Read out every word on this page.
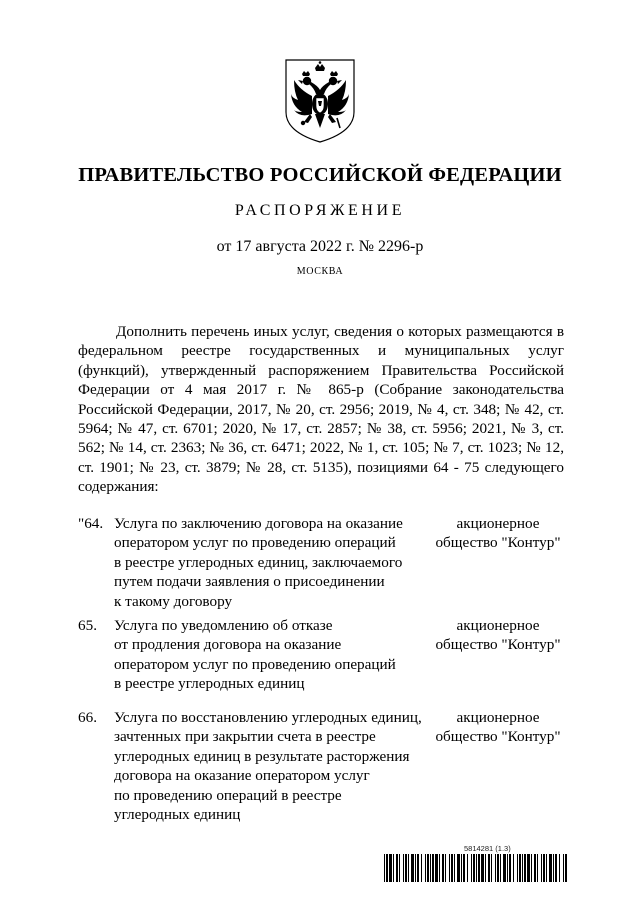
ПРАВИТЕЛЬСТВО РОССИЙСКОЙ ФЕДЕРАЦИИ
РАСПОРЯЖЕНИЕ
от 17 августа 2022 г. № 2296-р
МОСКВА

Дополнить перечень иных услуг, сведения о которых размещаются в федеральном реестре государственных и муниципальных услуг (функций), утвержденный распоряжением Правительства Российской Федерации от 4 мая 2017 г. № 865-р (Собрание законодательства Российской Федерации, 2017, № 20, ст. 2956; 2019, № 4, ст. 348; № 42, ст. 5964; № 47, ст. 6701; 2020, № 17, ст. 2857; № 38, ст. 5956; 2021, № 3, ст. 562; № 14, ст. 2363; № 36, ст. 6471; 2022, № 1, ст. 105; № 7, ст. 1023; № 12, ст. 1901; № 23, ст. 3879; № 28, ст. 5135), позициями 64 - 75 следующего содержания:

"64. Услуга по заключению договора на оказание
оператором услуг по проведению операций
в реестре углеродных единиц, заключаемого
путем подачи заявления о присоединении
к такому договору
акционерное
общество "Контур"
65.	Услуга по уведомлению об отказе
от продления договора на оказание
оператором услуг по проведению операций
в реестре углеродных единиц
акционерное
общество "Контур"
66.	Услуга по восстановлению углеродных единиц,
зачтенных при закрытии счета в реестре
углеродных единиц в результате расторжения
договора на оказание оператором услуг
по проведению операций в реестре
углеродных единиц
акционерное
общество "Контур"
5814281 (1.3)
